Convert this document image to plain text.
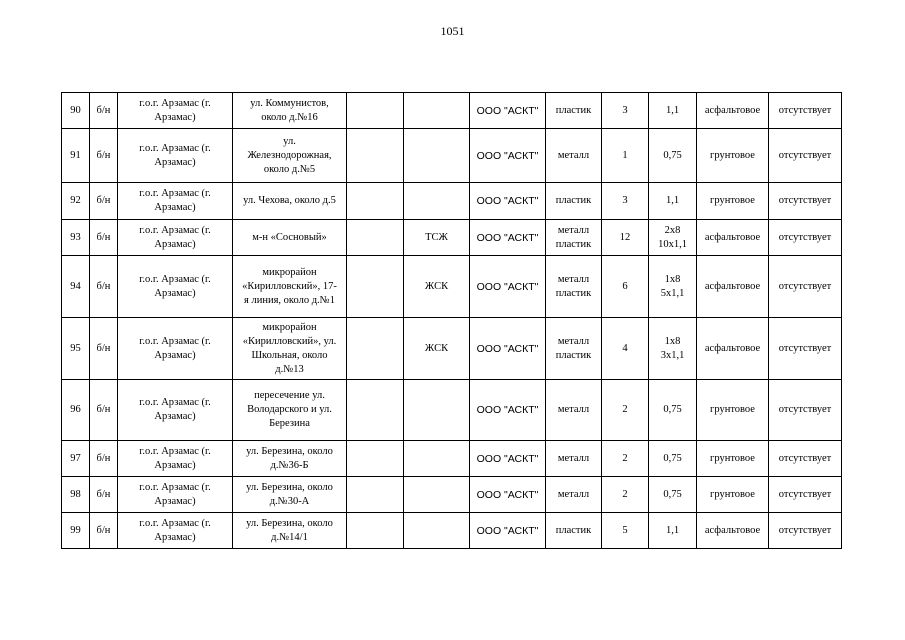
1051
90	б/н	г.о.г. Арзамас (г. Арзамас)	ул. Коммунистов,
около д.№16			ООО "АСКТ"	пластик	3	1,1	асфальтовое	отсутствует
91	б/н	г.о.г. Арзамас (г. Арзамас)	ул.
Железнодорожная,
около д.№5			ООО "АСКТ"	металл	1	0,75	грунтовое	отсутствует
92	б/н	г.о.г. Арзамас (г. Арзамас)	ул. Чехова, около д.5			ООО "АСКТ"	пластик	3	1,1	грунтовое	отсутствует
93	б/н	г.о.г. Арзамас (г. Арзамас)	м-н «Сосновый»		ТСЖ	ООО "АСКТ"	металл
пластик	12	2х8
10х1,1	асфальтовое	отсутствует
94	б/н	г.о.г. Арзамас (г. Арзамас)	микрорайон
«Кирилловский», 17-
я линия, около д.№1		ЖСК	ООО "АСКТ"	металл
пластик	6	1х8
5х1,1	асфальтовое	отсутствует
95	б/н	г.о.г. Арзамас (г. Арзамас)	микрорайон
«Кирилловский», ул.
Школьная, около
д.№13		ЖСК	ООО "АСКТ"	металл
пластик	4	1х8
3х1,1	асфальтовое	отсутствует
96	б/н	г.о.г. Арзамас (г. Арзамас)	пересечение ул.
Володарского и ул.
Березина			ООО "АСКТ"	металл	2	0,75	грунтовое	отсутствует
97	б/н	г.о.г. Арзамас (г. Арзамас)	ул. Березина, около
д.№36-Б			ООО "АСКТ"	металл	2	0,75	грунтовое	отсутствует
98	б/н	г.о.г. Арзамас (г. Арзамас)	ул. Березина, около
д.№30-А			ООО "АСКТ"	металл	2	0,75	грунтовое	отсутствует
99	б/н	г.о.г. Арзамас (г. Арзамас)	ул. Березина, около
д.№14/1			ООО "АСКТ"	пластик	5	1,1	асфальтовое	отсутствует
